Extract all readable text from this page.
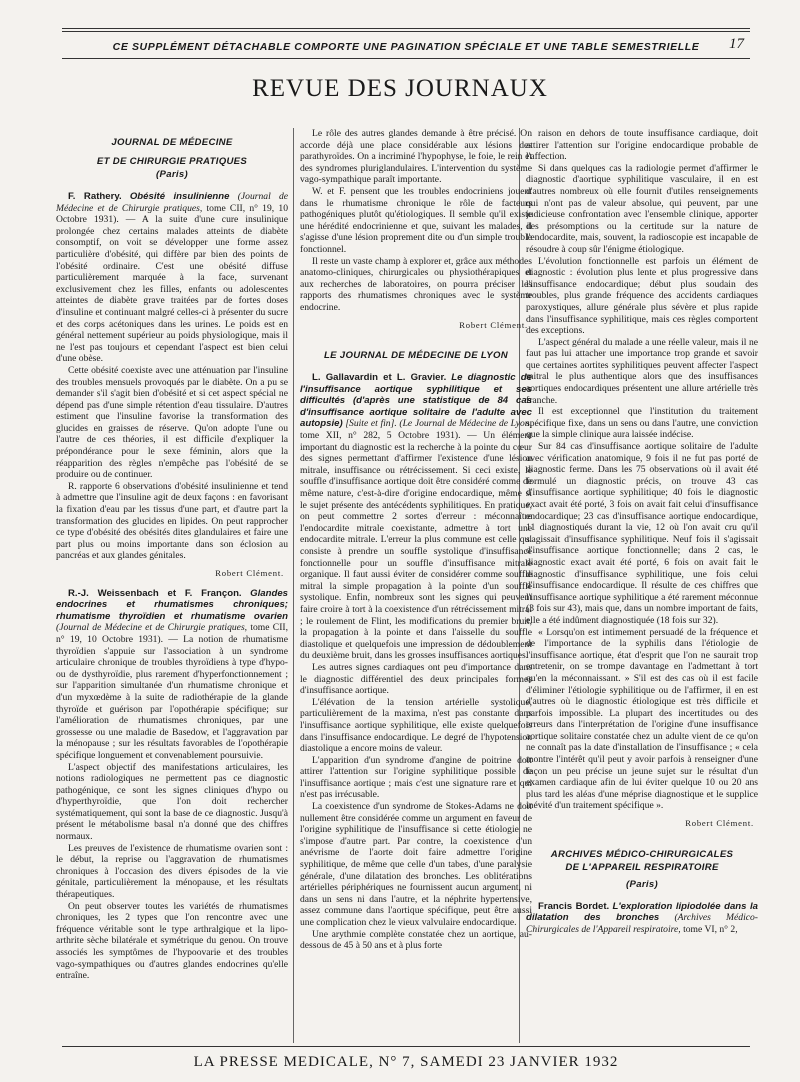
CE SUPPLÉMENT DÉTACHABLE COMPORTE UNE PAGINATION SPÉCIALE ET UNE TABLE SEMESTRIELLE	17
REVUE DES JOURNAUX
JOURNAL DE MÉDECINE
ET DE CHIRURGIE PRATIQUES
(Paris)
F. Rathery. Obésité insulinienne (Journal de Médecine et de Chirurgie pratiques, tome CII, n° 19, 10 Octobre 1931). — A la suite d'une cure insulinique prolongée chez certains malades atteints de diabète consomptif, on voit se développer une forme assez particulière d'obésité, qui diffère par bien des points de l'obésité ordinaire. C'est une obésité diffuse particulièrement marquée à la face, survenant exclusivement chez les filles, enfants ou adolescentes atteintes de diabète grave traitées par de fortes doses d'insuline et continuant malgré celles-ci à présenter du sucre et des corps acétoniques dans les urines. Le poids est en général nettement supérieur au poids physiologique, mais il ne l'est pas toujours et cependant l'aspect est bien celui d'une obèse.

Cette obésité coexiste avec une atténuation par l'insuline des troubles mensuels provoqués par le diabète. On a pu se demander s'il s'agit bien d'obésité et si cet aspect spécial ne dépend pas d'une simple rétention d'eau tissulaire. D'autres estiment que l'insuline favorise la transformation des glucides en graisses de réserve. Qu'on adopte l'une ou l'autre de ces théories, il est difficile d'expliquer la prépondérance pour le sexe féminin, alors que la réapparition des règles n'empêche pas l'obésité de se produire ou de continuer.

R. rapporte 6 observations d'obésité insulinienne et tend à admettre que l'insuline agit de deux façons : en favorisant la fixation d'eau par les tissus d'une part, et d'autre part la transformation des glucides en lipides. On peut rapprocher ce type d'obésité des obésités dites glandulaires et faire une part plus ou moins importante dans son éclosion au pancréas et aux glandes génitales.

Robert Clément.
R.-J. Weissenbach et F. Françon. Glandes endocrines et rhumatismes chroniques; rhumatisme thyroïdien et rhumatisme ovarien (Journal de Médecine et de Chirurgie pratiques, tome CII, n° 19, 10 Octobre 1931). — La notion de rhumatisme thyroïdien s'appuie sur l'association à un syndrome articulaire chronique de troubles thyroïdiens à type d'hypo- ou de dysthyroïdie, plus rarement d'hyperfonctionnement ; sur l'apparition simultanée d'un rhumatisme chronique et d'un myxœdème à la suite de radiothérapie de la glande thyroïde et guérison par l'opothérapie spécifique; sur l'amélioration de rhumatismes chroniques, par une grossesse ou une maladie de Basedow, et l'aggravation par la ménopause ; sur les résultats favorables de l'opothérapie spécifique longuement et convenablement poursuivie.

L'aspect objectif des manifestations articulaires, les notions radiologiques ne permettent pas ce diagnostic pathogénique, ce sont les signes cliniques d'hypo ou d'hyperthyroïdie, que l'on doit rechercher systématiquement, qui sont la base de ce diagnostic. Jusqu'à présent le métabolisme basal n'a donné que des chiffres normaux.

Les preuves de l'existence de rhumatisme ovarien sont : le début, la reprise ou l'aggravation de rhumatismes chroniques à l'occasion des divers épisodes de la vie génitale, particulièrement la ménopause, et les résultats thérapeutiques.

On peut observer toutes les variétés de rhumatismes chroniques, les 2 types que l'on rencontre avec une fréquence véritable sont le type arthralgique et la lipo-arthrite sèche bilatérale et symétrique du genou. On trouve associés les symptômes de l'hypoovarie et des troubles vago-sympathiques ou d'autres glandes endocrines qu'elle entraîne.

Le rôle des autres glandes demande à être précisé. On accorde déjà une place considérable aux lésions des parathyroïdes. On a incriminé l'hypophyse, le foie, le rein et des syndromes pluriglandulaires. L'intervention du système vago-sympathique paraît importante.

W. et F. pensent que les troubles endocriniens jouent dans le rhumatisme chronique le rôle de facteurs pathogéniques plutôt qu'étiologiques. Il semble qu'il existe une hérédité endocrinienne et que, suivant les malades, il s'agisse d'une lésion proprement dite ou d'un simple trouble fonctionnel.

Il reste un vaste champ à explorer et, grâce aux méthodes anatomo-cliniques, chirurgicales ou physiothérapiques et aux recherches de laboratoires, on pourra préciser les rapports des rhumatismes chroniques avec le système endocrine.

Robert Clément.
LE JOURNAL DE MÉDECINE DE LYON
L. Gallavardin et L. Gravier. Le diagnostic de l'insuffisance aortique syphilitique et ses difficultés (d'après une statistique de 84 cas d'insuffisance aortique solitaire de l'adulte avec autopsie) [Suite et fin]. (Le Journal de Médecine de Lyon, tome XII, n° 282, 5 Octobre 1931). — Un élément important du diagnostic est la recherche à la pointe du cœur des signes permettant d'affirmer l'existence d'une lésion mitrale, insuffisance ou rétrécissement. Si ceci existe, le souffle d'insuffisance aortique doit être considéré comme de même nature, c'est-à-dire d'origine endocardique, même si le sujet présente des antécédents syphilitiques. En pratique, on peut commettre 2 sortes d'erreur : méconnaître l'endocardite mitrale coexistante, admettre à tort une endocardite mitrale. L'erreur la plus commune est celle qui consiste à prendre un souffle systolique d'insuffisance fonctionnelle pour un souffle d'insuffisance mitrale organique. Il faut aussi éviter de considérer comme souffle mitral la simple propagation à la pointe d'un souffle systolique. Enfin, nombreux sont les signes qui peuvent faire croire à tort à la coexistence d'un rétrécissement mitral ; le roulement de Flint, les modifications du premier bruit, la propagation à la pointe et dans l'aisselle du souffle diastolique et quelquefois une impression de dédoublement du deuxième bruit, dans les grosses insuffisances aortiques.

Les autres signes cardiaques ont peu d'importance dans le diagnostic différentiel des deux principales formes d'insuffisance aortique.

L'élévation de la tension artérielle systolique, particulièrement de la maxima, n'est pas constante dans l'insuffisance aortique syphilitique, elle existe quelquefois dans l'insuffisance endocardique. Le degré de l'hypotension diastolique a encore moins de valeur.

L'apparition d'un syndrome d'angine de poitrine doit attirer l'attention sur l'origine syphilitique possible de l'insuffisance aortique ; mais c'est une signature rare et qui n'est pas irrécusable.

La coexistence d'un syndrome de Stokes-Adams ne doit nullement être considérée comme un argument en faveur de l'origine syphilitique de l'insuffisance si cette étiologie ne s'impose d'autre part. Par contre, la coexistence d'un anévrisme de l'aorte doit faire admettre l'origine syphilitique, de même que celle d'un tabes, d'une paralysie générale, d'une dilatation des bronches. Les oblitérations artérielles périphériques ne fournissent aucun argument, ni dans un sens ni dans l'autre, et la néphrite hypertensive, assez commune dans l'aortique spécifique, peut être aussi une complication chez le vieux valvulaire endocardique.

Une arythmie complète constatée chez un aortique, au-dessous de 45 à 50 ans et à plus forte

raison en dehors de toute insuffisance cardiaque, doit attirer l'attention sur l'origine endocardique probable de l'affection.

Si dans quelques cas la radiologie permet d'affirmer le diagnostic d'aortique syphilitique vasculaire, il en est d'autres nombreux où elle fournit d'utiles renseignements qui n'ont pas de valeur absolue, qui peuvent, par une judicieuse confrontation avec l'ensemble clinique, apporter des présomptions ou la certitude sur la nature de l'endocardite, mais, souvent, la radioscopie est incapable de résoudre à coup sûr l'énigme étiologique.

L'évolution fonctionnelle est parfois un élément de diagnostic : évolution plus lente et plus progressive dans l'insuffisance endocardique; début plus soudain des troubles, plus grande fréquence des accidents cardiaques paroxystiques, allure générale plus sévère et plus rapide dans l'insuffisance syphilitique, mais ces règles comportent des exceptions.

L'aspect général du malade a une réelle valeur, mais il ne faut pas lui attacher une importance trop grande et savoir que certaines aortites syphilitiques peuvent affecter l'aspect mitral le plus authentique alors que des insuffisances aortiques endocardiques présentent une allure artérielle très franche.

Il est exceptionnel que l'institution du traitement spécifique fixe, dans un sens ou dans l'autre, une conviction que la simple clinique aura laissée indécise.

Sur 84 cas d'insuffisance aortique solitaire de l'adulte avec vérification anatomique, 9 fois il ne fut pas porté de diagnostic ferme. Dans les 75 observations où il avait été formulé un diagnostic précis, on trouve 43 cas d'insuffisance aortique syphilitique; 40 fois le diagnostic exact avait été porté, 3 fois on avait fait celui d'insuffisance endocardique; 23 cas d'insuffisance aortique endocardique, 11 diagnostiqués durant la vie, 12 où l'on avait cru qu'il s'agissait d'insuffisance syphilitique. Neuf fois il s'agissait d'insuffisance aortique fonctionnelle; dans 2 cas, le diagnostic exact avait été porté, 6 fois on avait fait le diagnostic d'insuffisance syphilitique, une fois celui d'insuffisance endocardique. Il résulte de ces chiffres que l'insuffisance aortique syphilitique a été rarement méconnue (3 fois sur 43), mais que, dans un nombre important de faits, elle a été indûment diagnostiquée (18 fois sur 32).

« Lorsqu'on est intimement persuadé de la fréquence et de l'importance de la syphilis dans l'étiologie de l'insuffisance aortique, état d'esprit que l'on ne saurait trop entretenir, on se trompe davantage en l'admettant à tort qu'en la méconnaissant. » S'il est des cas où il est facile d'éliminer l'étiologie syphilitique ou de l'affirmer, il en est d'autres où le diagnostic étiologique est très difficile et parfois impossible. La plupart des incertitudes ou des erreurs dans l'interprétation de l'origine d'une insuffisance aortique solitaire constatée chez un adulte vient de ce qu'on ne connaît pas la date d'installation de l'insuffisance ; « cela montre l'intérêt qu'il peut y avoir parfois à renseigner d'une façon un peu précise un jeune sujet sur le résultat d'un examen cardiaque afin de lui éviter quelque 10 ou 20 ans plus tard les aléas d'une méprise diagnostique et le supplice inévité d'un traitement spécifique ».

Robert Clément.
ARCHIVES MÉDICO-CHIRURGICALES
DE L'APPAREIL RESPIRATOIRE
(Paris)
Francis Bordet. L'exploration lipiodolée dans la dilatation des bronches (Archives Médico-Chirurgicales de l'Appareil respiratoire, tome VI, n° 2,
LA PRESSE MEDICALE, N° 7, SAMEDI 23 JANVIER 1932
